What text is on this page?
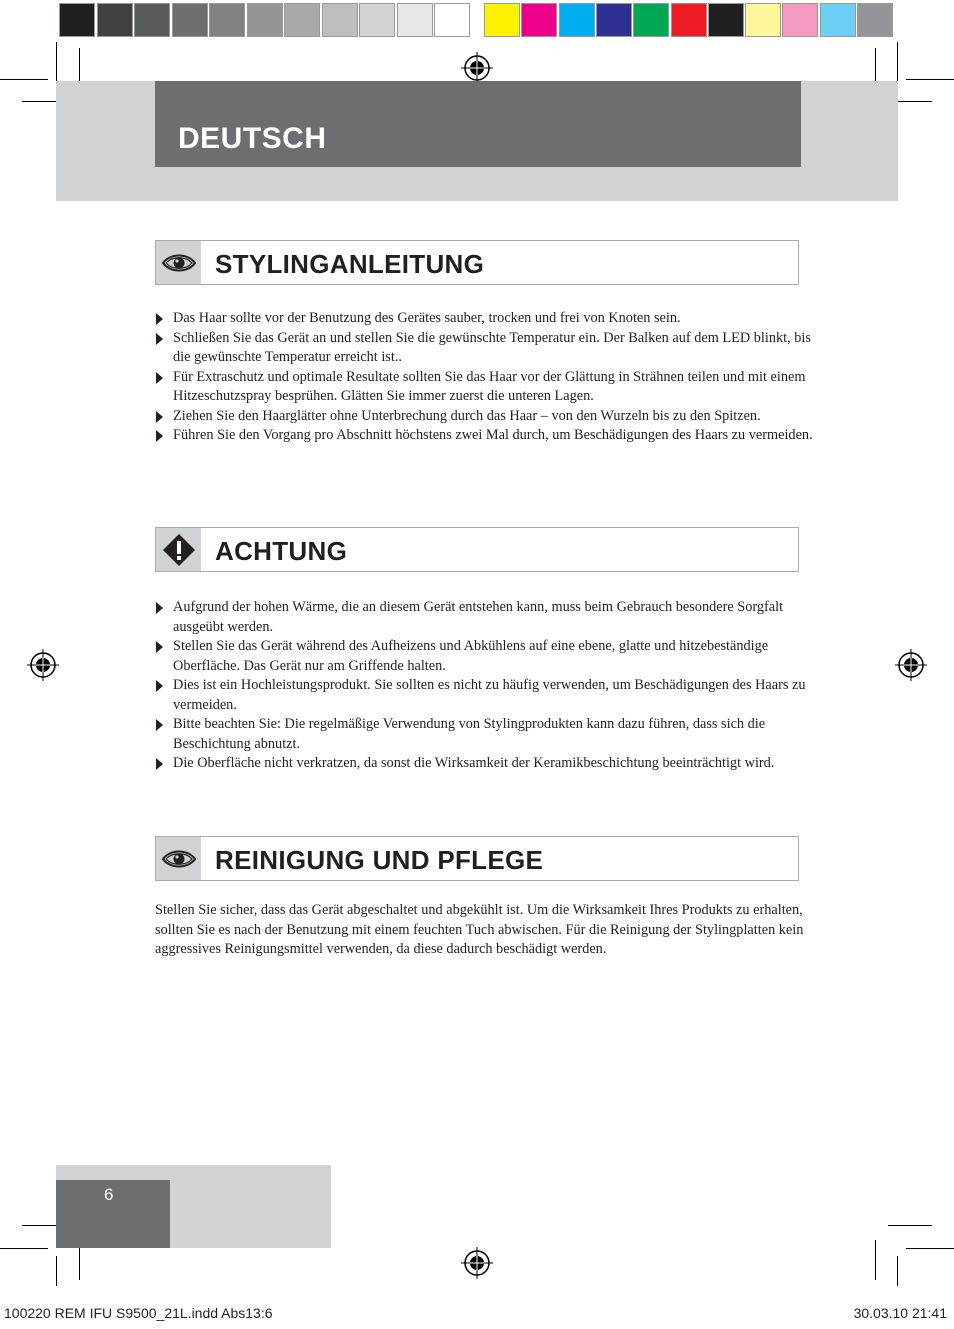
DEUTSCH
STYLINGANLEITUNG
Das Haar sollte vor der Benutzung des Gerätes sauber, trocken und frei von Knoten sein.
Schließen Sie das Gerät an und stellen Sie die gewünschte Temperatur ein. Der Balken auf dem LED blinkt, bis die gewünschte Temperatur erreicht ist..
Für Extraschutz und optimale Resultate sollten Sie das Haar vor der Glättung in Strähnen teilen und mit einem Hitzeschutzspray besprühen. Glätten Sie immer zuerst die unteren Lagen.
Ziehen Sie den Haarglätter ohne Unterbrechung durch das Haar – von den Wurzeln bis zu den Spitzen.
Führen Sie den Vorgang pro Abschnitt höchstens zwei Mal durch, um Beschädigungen des Haars zu vermeiden.
ACHTUNG
Aufgrund der hohen Wärme, die an diesem Gerät entstehen kann, muss beim Gebrauch besondere Sorgfalt ausgeübt werden.
Stellen Sie das Gerät während des Aufheizens und Abkühlens auf eine ebene, glatte und hitzebeständige Oberfläche. Das Gerät nur am Griffende halten.
Dies ist ein Hochleistungsprodukt. Sie sollten es nicht zu häufig verwenden, um Beschädigungen des Haars zu vermeiden.
Bitte beachten Sie: Die regelmäßige Verwendung von Stylingprodukten kann dazu führen, dass sich die Beschichtung abnutzt.
Die Oberfläche nicht verkratzen, da sonst die Wirksamkeit der Keramikbeschichtung beeinträchtigt wird.
REINIGUNG UND PFLEGE

Stellen Sie sicher, dass das Gerät abgeschaltet und abgekühlt ist. Um die Wirksamkeit Ihres Produkts zu erhalten, sollten Sie es nach der Benutzung mit einem feuchten Tuch abwischen. Für die Reinigung der Stylingplatten kein aggressives Reinigungsmittel verwenden, da diese dadurch beschädigt werden.

6
100220 REM IFU S9500_21L.indd Abs13:6	30.03.10 21:41
